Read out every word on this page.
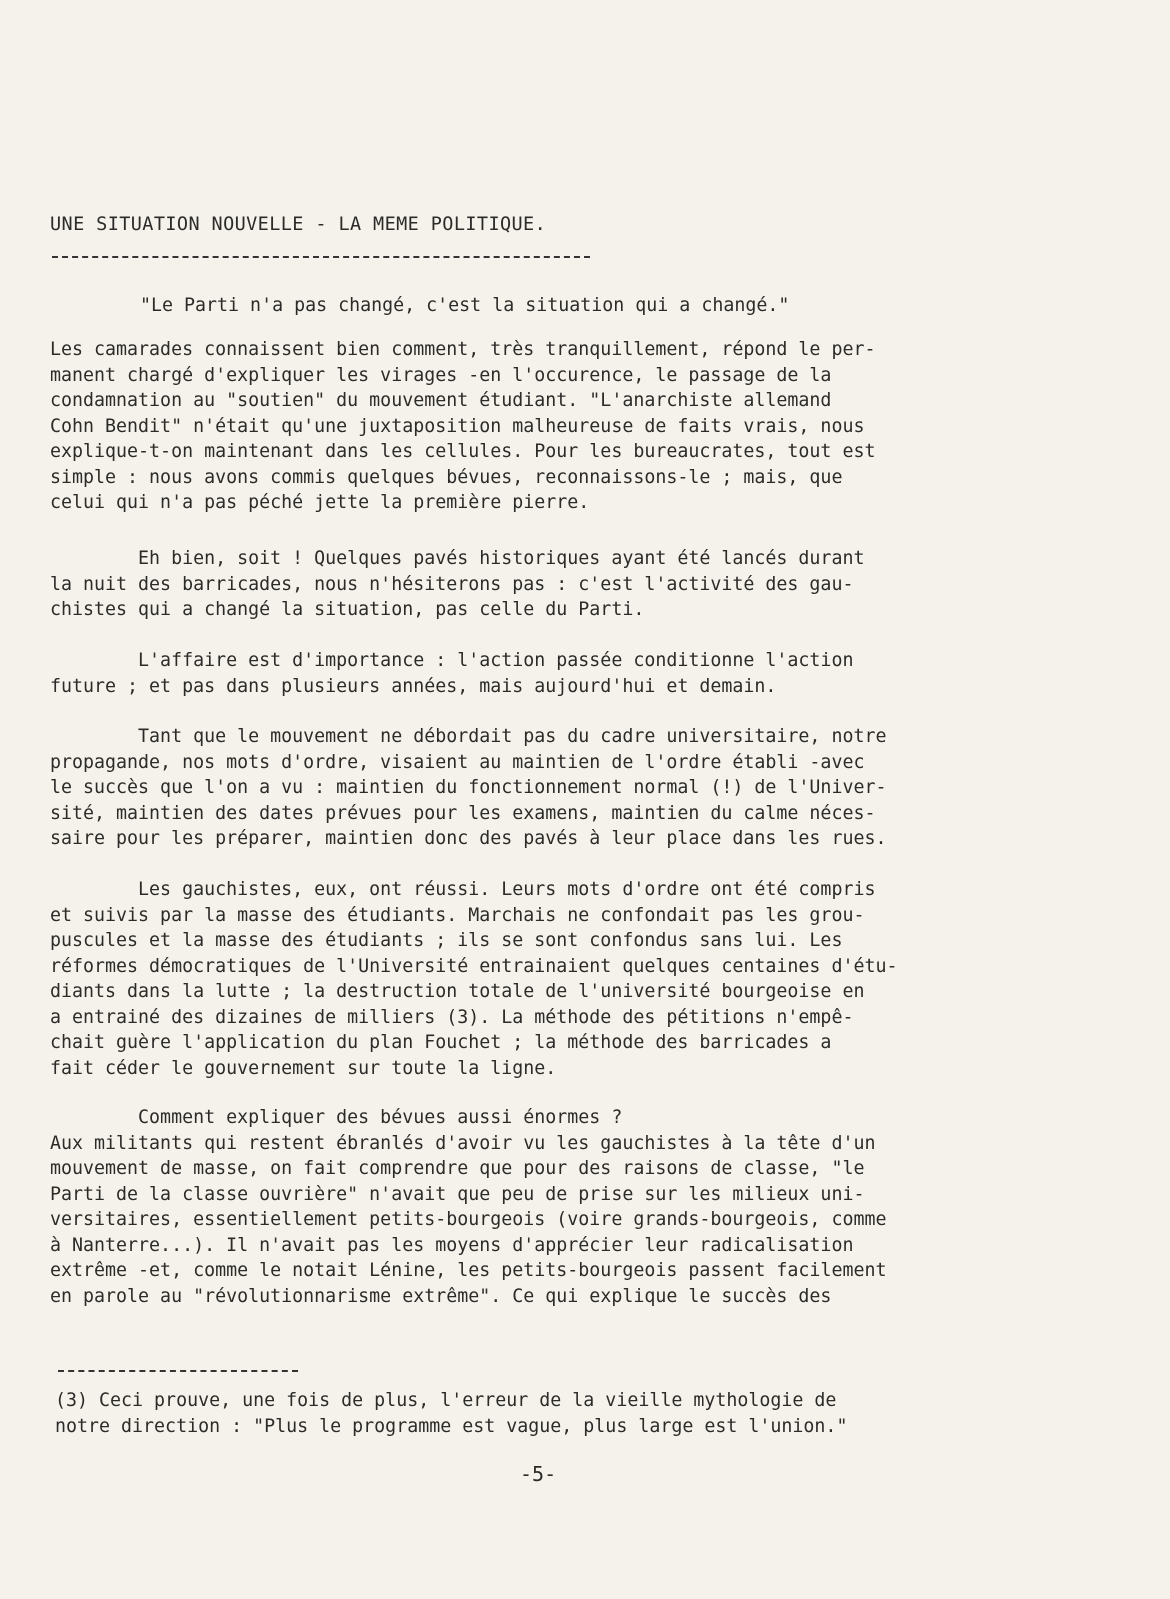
UNE SITUATION NOUVELLE - LA MEME POLITIQUE.
"Le Parti n'a pas changé, c'est la situation qui a changé."
Les camarades connaissent bien comment, très tranquillement, répond le per-
manent chargé d'expliquer les virages -en l'occurence, le passage de la
condamnation au "soutien" du mouvement étudiant. "L'anarchiste allemand
Cohn Bendit" n'était qu'une juxtaposition malheureuse de faits vrais, nous
explique-t-on maintenant dans les cellules. Pour les bureaucrates, tout est
simple : nous avons commis quelques bévues, reconnaissons-le ; mais, que
celui qui n'a pas péché jette la première pierre.
Eh bien, soit ! Quelques pavés historiques ayant été lancés durant
la nuit des barricades, nous n'hésiterons pas : c'est l'activité des gau-
chistes qui a changé la situation, pas celle du Parti.
L'affaire est d'importance : l'action passée conditionne l'action
future ; et pas dans plusieurs années, mais aujourd'hui et demain.
Tant que le mouvement ne débordait pas du cadre universitaire, notre
propagande, nos mots d'ordre, visaient au maintien de l'ordre établi -avec
le succès que l'on a vu : maintien du fonctionnement normal (!) de l'Univer-
sité, maintien des dates prévues pour les examens, maintien du calme néces-
saire pour les préparer, maintien donc des pavés à leur place dans les rues.
Les gauchistes, eux, ont réussi. Leurs mots d'ordre ont été compris
et suivis par la masse des étudiants. Marchais ne confondait pas les grou-
puscules et la masse des étudiants ; ils se sont confondus sans lui. Les
réformes démocratiques de l'Université entrainaient quelques centaines d'étu-
diants dans la lutte ; la destruction totale de l'université bourgeoise en
a entrainé des dizaines de milliers (3). La méthode des pétitions n'empê-
chait guère l'application du plan Fouchet ; la méthode des barricades a
fait céder le gouvernement sur toute la ligne.
Comment expliquer des bévues aussi énormes ?
Aux militants qui restent ébranlés d'avoir vu les gauchistes à la tête d'un
mouvement de masse, on fait comprendre que pour des raisons de classe, "le
Parti de la classe ouvrière" n'avait que peu de prise sur les milieux uni-
versitaires, essentiellement petits-bourgeois (voire grands-bourgeois, comme
à Nanterre...). Il n'avait pas les moyens d'apprécier leur radicalisation
extrême -et, comme le notait Lénine, les petits-bourgeois passent facilement
en parole au "révolutionnarisme extrême". Ce qui explique le succès des
(3) Ceci prouve, une fois de plus, l'erreur de la vieille mythologie de
notre direction : "Plus le programme est vague, plus large est l'union."
-5-
